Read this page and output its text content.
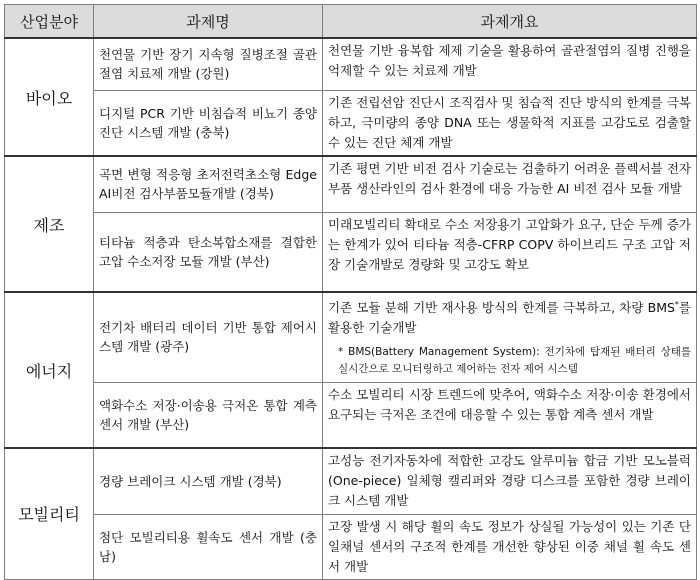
산업분야	과제명	과제개요
바이오	천연물 기반 장기 지속형 질병조절 골관절염 치료제 개발 (강원)	천연물 기반 융복합 제제 기술을 활용하여 골관절염의 질병 진행을 억제할 수 있는 치료제 개발
	디지털 PCR 기반 비침습적 비뇨기 종양 진단 시스템 개발 (충북)	기존 전립선암 진단시 조직검사 및 침습적 진단 방식의 한계를 극복하고, 극미량의 종양 DNA 또는 생물학적 지표를 고감도로 검출할 수 있는 진단 체계 개발
제조	곡면 변형 적응형 초저전력초소형 Edge AI비전 검사부품모듈개발 (경북)	기존 평면 기반 비전 검사 기술로는 검출하기 어려운 플렉서블 전자부품 생산라인의 검사 환경에 대응 가능한 AI 비전 검사 모듈 개발
	티타늄 적층과 탄소복합소재를 결합한 고압 수소저장 모듈 개발 (부산)	미래모빌리티 확대로 수소 저장용기 고압화가 요구, 단순 두께 증가는 한계가 있어 티타늄 적층-CFRP COPV 하이브리드 구조 고압 저장 기술개발로 경량화 및 고강도 확보
에너지	전기차 배터리 데이터 기반 통합 제어시스템 개발 (광주)	기존 모듈 분해 기반 재사용 방식의 한계를 극복하고, 차량 BMS*를 활용한 기술개발
* BMS(Battery Management System): 전기차에 탑재된 배터리 상태를 실시간으로 모니터링하고 제어하는 전자 제어 시스템

	액화수소 저장·이송용 극저온 통합 계측 센서 개발 (부산)	수소 모빌리티 시장 트렌드에 맞추어, 액화수소 저장·이송 환경에서 요구되는 극저온 조건에 대응할 수 있는 통합 계측 센서 개발
모빌리티	경량 브레이크 시스템 개발 (경북)	고성능 전기자동차에 적합한 고강도 알루미늄 합금 기반 모노블럭(One-piece) 일체형 캘리퍼와 경량 디스크를 포함한 경량 브레이크 시스템 개발
	첨단 모빌리티용 휠속도 센서 개발 (충남)	고장 발생 시 해당 휠의 속도 정보가 상실될 가능성이 있는 기존 단일채널 센서의 구조적 한계를 개선한 향상된 이중 채널 휠 속도 센서 개발
